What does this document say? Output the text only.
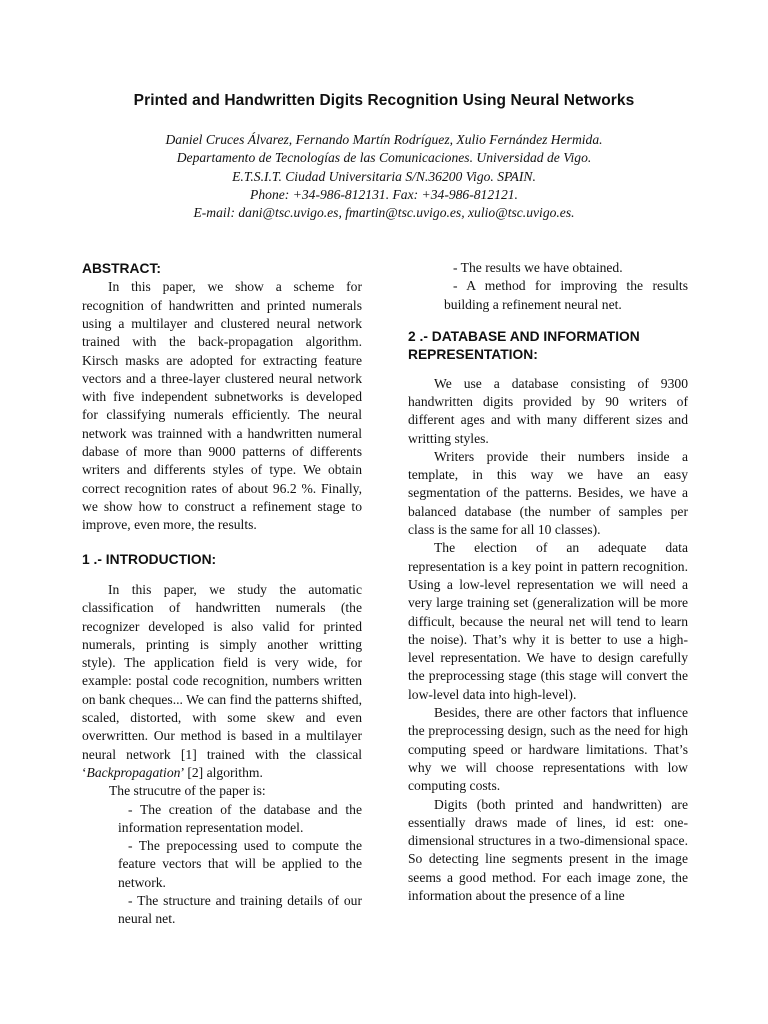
Printed and Handwritten Digits Recognition Using Neural Networks
Daniel Cruces Álvarez, Fernando Martín Rodríguez, Xulio Fernández Hermida.
Departamento de Tecnologías de las Comunicaciones. Universidad de Vigo.
E.T.S.I.T. Ciudad Universitaria S/N.36200 Vigo. SPAIN.
Phone: +34-986-812131. Fax: +34-986-812121.
E-mail: dani@tsc.uvigo.es, fmartin@tsc.uvigo.es, xulio@tsc.uvigo.es.
ABSTRACT:

In this paper, we show a scheme for recognition of handwritten and printed numerals using a multilayer and clustered neural network trained with the back-propagation algorithm. Kirsch masks are adopted for extracting feature vectors and a three-layer clustered neural network with five independent subnetworks is developed for classifying numerals efficiently. The neural network was trainned with a handwritten numeral dabase of more than 9000 patterns of differents writers and differents styles of type. We obtain correct recognition rates of about 96.2 %. Finally, we show how to construct a refinement stage to improve, even more, the results.

1 .- INTRODUCTION:

In this paper, we study the automatic classification of handwritten numerals (the recognizer developed is also valid for printed numerals, printing is simply another writting style). The application field is very wide, for example: postal code recognition, numbers written on bank cheques... We can find the patterns shifted, scaled, distorted, with some skew and even overwritten. Our method is based in a multilayer neural network [1] trained with the classical ‘Backpropagation’ [2] algorithm.

The strucutre of the paper is:
- The creation of the database and the information representation model.
- The prepocessing used to compute the feature vectors that will be applied to the network.
- The structure and training details of our neural net.
- The results we have obtained.
- A method for improving the results building a refinement neural net.
2 .- DATABASE AND INFORMATION REPRESENTATION:

We use a database consisting of 9300 handwritten digits provided by 90 writers of different ages and with many different sizes and writting styles.

Writers provide their numbers inside a template, in this way we have an easy segmentation of the patterns. Besides, we have a balanced database (the number of samples per class is the same for all 10 classes).

The election of an adequate data representation is a key point in pattern recognition. Using a low-level representation we will need a very large training set (generalization will be more difficult, because the neural net will tend to learn the noise). That’s why it is better to use a high-level representation. We have to design carefully the preprocessing stage (this stage will convert the low-level data into high-level).

Besides, there are other factors that influence the preprocessing design, such as the need for high computing speed or hardware limitations. That’s why we will choose representations with low computing costs.

Digits (both printed and handwritten) are essentially draws made of lines, id est: one-dimensional structures in a two-dimensional space. So detecting line segments present in the image seems a good method. For each image zone, the information about the presence of a line
